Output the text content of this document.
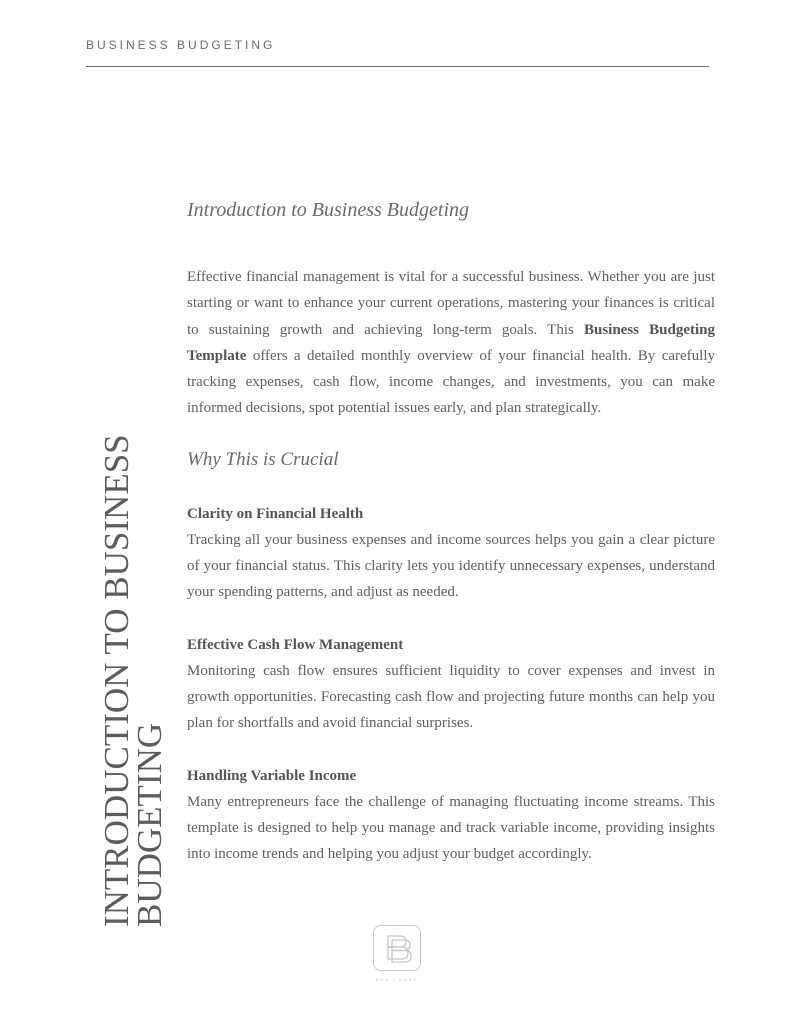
BUSINESS BUDGETING
INTRODUCTION TO BUSINESS
BUDGETING
Introduction to Business Budgeting

Effective financial management is vital for a successful business. Whether you are just starting or want to enhance your current operations, mastering your finances is critical to sustaining growth and achieving long-term goals. This Business Budgeting Template offers a detailed monthly overview of your financial health. By carefully tracking expenses, cash flow, income changes, and investments, you can make informed decisions, spot potential issues early, and plan strategically.

Why This is Crucial
Clarity on Financial Health

Tracking all your business expenses and income sources helps you gain a clear picture of your financial status. This clarity lets you identify unnecessary expenses, understand your spending patterns, and adjust as needed.

Effective Cash Flow Management

Monitoring cash flow ensures sufficient liquidity to cover expenses and invest in growth opportunities. Forecasting cash flow and projecting future months can help you plan for shortfalls and avoid financial surprises.

Handling Variable Income

Many entrepreneurs face the challenge of managing fluctuating income streams. This template is designed to help you manage and track variable income, providing insights into income trends and helping you adjust your budget accordingly.

BAN | BARE
